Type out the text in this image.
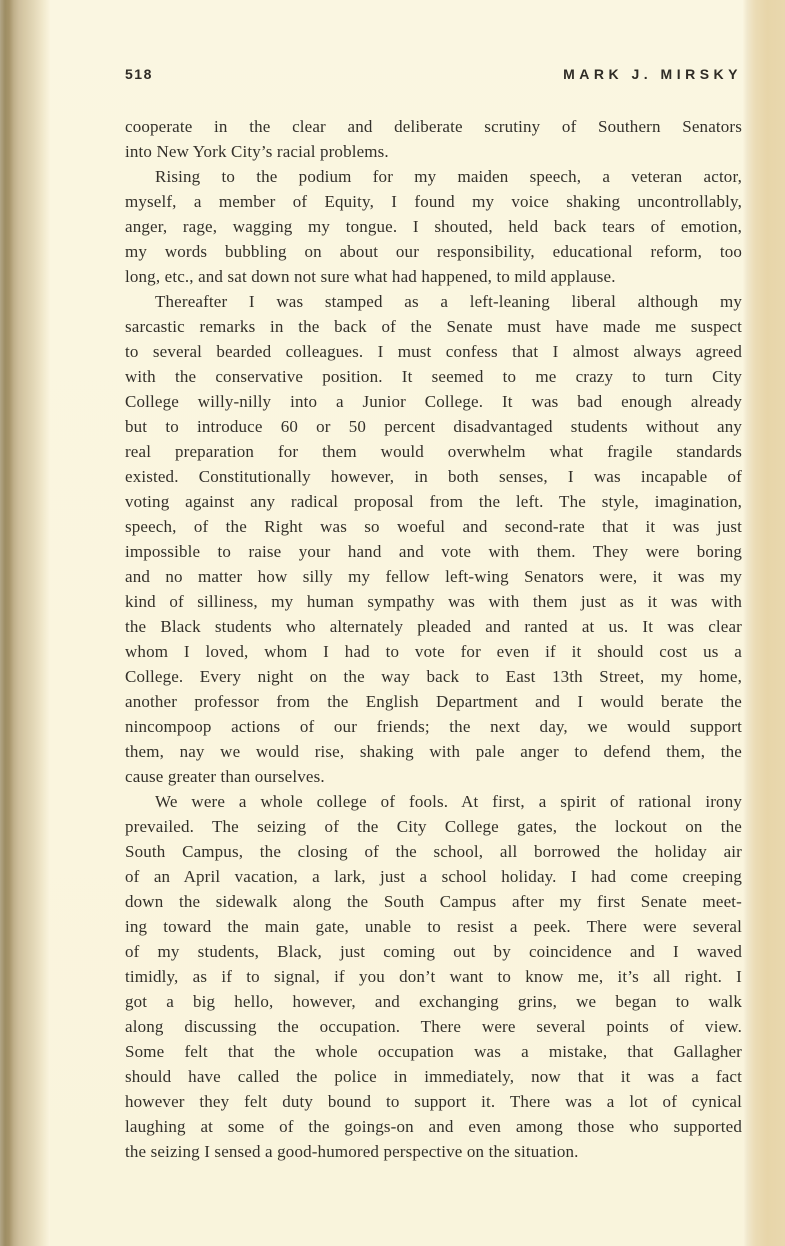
518	MARK J. MIRSKY
cooperate in the clear and deliberate scrutiny of Southern Senators
into New York City’s racial problems.
Rising to the podium for my maiden speech, a veteran actor,
myself, a member of Equity, I found my voice shaking uncontrollably,
anger, rage, wagging my tongue. I shouted, held back tears of emotion,
my words bubbling on about our responsibility, educational reform, too
long, etc., and sat down not sure what had happened, to mild applause.
Thereafter I was stamped as a left-leaning liberal although my
sarcastic remarks in the back of the Senate must have made me suspect
to several bearded colleagues. I must confess that I almost always agreed
with the conservative position. It seemed to me crazy to turn City
College willy-nilly into a Junior College. It was bad enough already
but to introduce 60 or 50 percent disadvantaged students without any
real preparation for them would overwhelm what fragile standards
existed. Constitutionally however, in both senses, I was incapable of
voting against any radical proposal from the left. The style, imagination,
speech, of the Right was so woeful and second-rate that it was just
impossible to raise your hand and vote with them. They were boring
and no matter how silly my fellow left-wing Senators were, it was my
kind of silliness, my human sympathy was with them just as it was with
the Black students who alternately pleaded and ranted at us. It was clear
whom I loved, whom I had to vote for even if it should cost us a
College. Every night on the way back to East 13th Street, my home,
another professor from the English Department and I would berate the
nincompoop actions of our friends; the next day, we would support
them, nay we would rise, shaking with pale anger to defend them, the
cause greater than ourselves.
We were a whole college of fools. At first, a spirit of rational irony
prevailed. The seizing of the City College gates, the lockout on the
South Campus, the closing of the school, all borrowed the holiday air
of an April vacation, a lark, just a school holiday. I had come creeping
down the sidewalk along the South Campus after my first Senate meet-
ing toward the main gate, unable to resist a peek. There were several
of my students, Black, just coming out by coincidence and I waved
timidly, as if to signal, if you don’t want to know me, it’s all right. I
got a big hello, however, and exchanging grins, we began to walk
along discussing the occupation. There were several points of view.
Some felt that the whole occupation was a mistake, that Gallagher
should have called the police in immediately, now that it was a fact
however they felt duty bound to support it. There was a lot of cynical
laughing at some of the goings-on and even among those who supported
the seizing I sensed a good-humored perspective on the situation.
